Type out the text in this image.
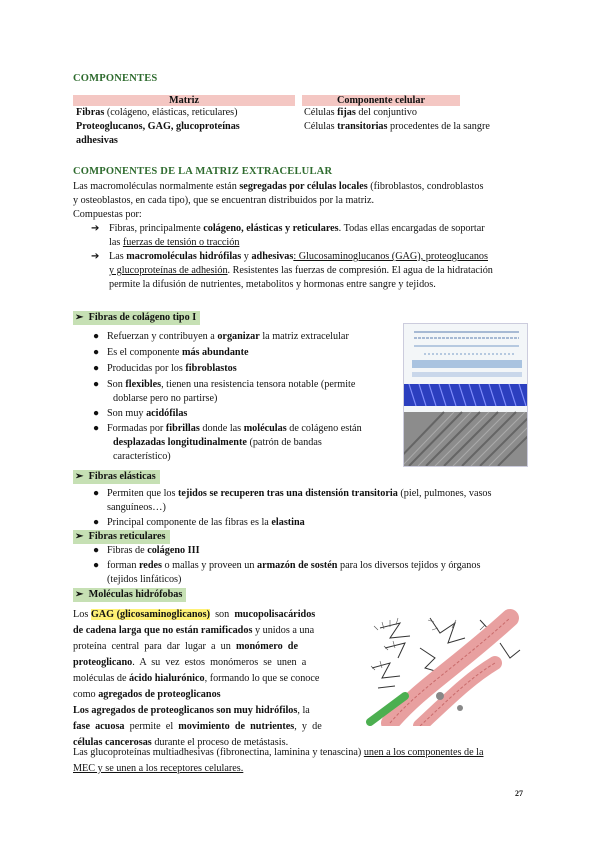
COMPONENTES
Matriz	Componente celular
Fibras (colágeno, elásticas, reticulares)
Proteoglucanos, GAG, glucoproteínas
adhesivas
Células fijas del conjuntivo
Células transitorias procedentes de la sangre
COMPONENTES DE LA MATRIZ EXTRACELULAR
Las macromoléculas normalmente están segregadas por células locales (fibroblastos, condroblastos
y osteoblastos, en cada tipo), que se encuentran distribuidos por la matriz.
Compuestas por:
➔ Fibras, principalmente colágeno, elásticas y reticulares. Todas ellas encargadas de soportar
las fuerzas de tensión o tracción
➔ Las macromoléculas hidrófilas y adhesivas: Glucosaminoglucanos (GAG), proteoglucanos
y glucoproteínas de adhesión. Resistentes las fuerzas de compresión. El agua de la hidratación
permite la difusión de nutrientes, metabolitos y hormonas entre sangre y tejidos.
➢  Fibras de colágeno tipo I
● Refuerzan y contribuyen a organizar la matriz extracelular
● Es el componente más abundante
● Producidas por los fibroblastos
● Son flexibles, tienen una resistencia tensora notable (permite
doblarse pero no partirse)
● Son muy acidófilas
● Formadas por fibrillas donde las moléculas de colágeno están
desplazadas longitudinalmente (patrón de bandas
característico)
➢  Fibras elásticas
● Permiten que los tejidos se recuperen tras una distensión transitoria (piel, pulmones, vasos
sanguíneos…)
● Principal componente de las fibras es la elastina
➢  Fibras reticulares
● Fibras de colágeno III
● forman redes o mallas y proveen un armazón de sostén para los diversos tejidos y órganos
(tejidos linfáticos)
➢  Moléculas hidrófobas
Los GAG (glicosaminoglicanos)  son  mucopolisacáridos
de cadena larga que no están ramificados y unidos a una
proteína  central  para  dar  lugar  a  un  monómero  de
proteoglicano.  A  su  vez  estos  monómeros  se  unen  a
moléculas de ácido hialurónico, formando lo que se conoce
como agregados de proteoglicanos
Los agregados de proteoglicanos son muy hidrófilos, la
fase  acuosa  permite  el  movimiento  de  nutrientes,  y  de
células cancerosas durante el proceso de metástasis.
Las glucoproteínas multiadhesivas (fibronectina, laminina y tenascina) unen a los componentes de la
MEC y se unen a los receptores celulares.
27
